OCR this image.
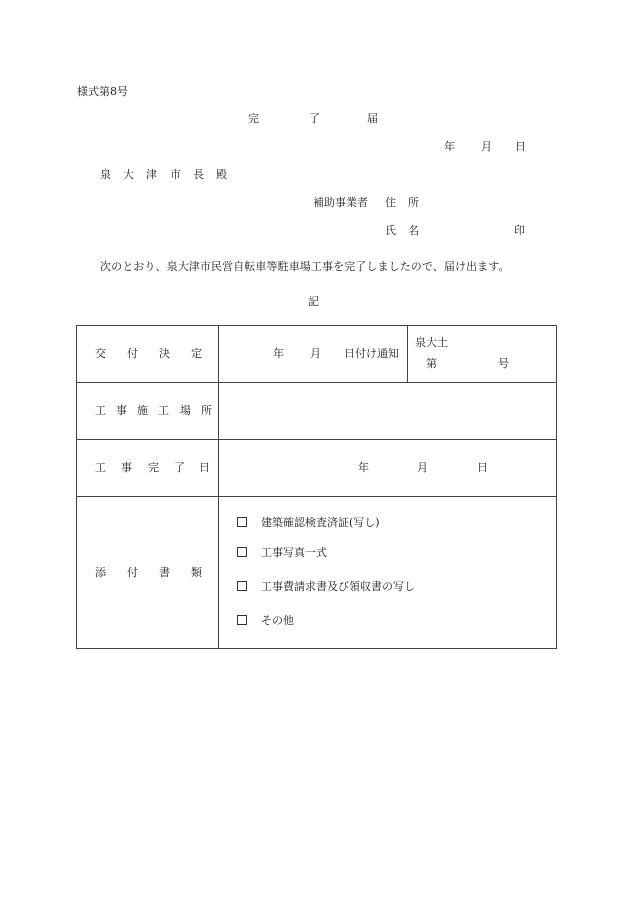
様式第8号
完	了	届
年 月 日
泉 大 津 市 長 殿
補助事業者 住 所
氏 名	印
次のとおり、泉大津市民営自転車等駐車場工事を完了しましたので、届け出ます。
記
交 付 決 定	年 月 日付け通知
泉大土
第	号

工 事 施 工 場 所

工 事 完 了 日	年 月 日

添 付 書 類

建築確認検査済証(写し)
工事写真一式
工事費請求書及び領収書の写し
その他
